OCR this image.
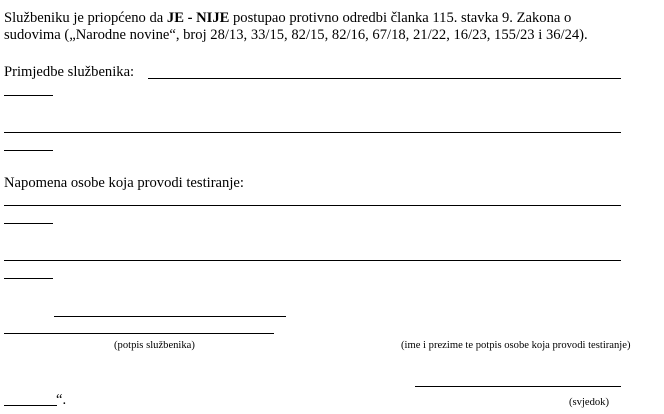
Službeniku je priopćeno da JE - NIJE postupao protivno odredbi članka 115. stavka 9. Zakona o
sudovima („Narodne novine“, broj 28/13, 33/15, 82/15, 82/16, 67/18, 21/22, 16/23, 155/23 i 36/24).
Primjedbe službenika:
Napomena osobe koja provodi testiranje:
(potpis službenika)	(ime i prezime te potpis osobe koja provodi testiranje)
“.	(svjedok)
